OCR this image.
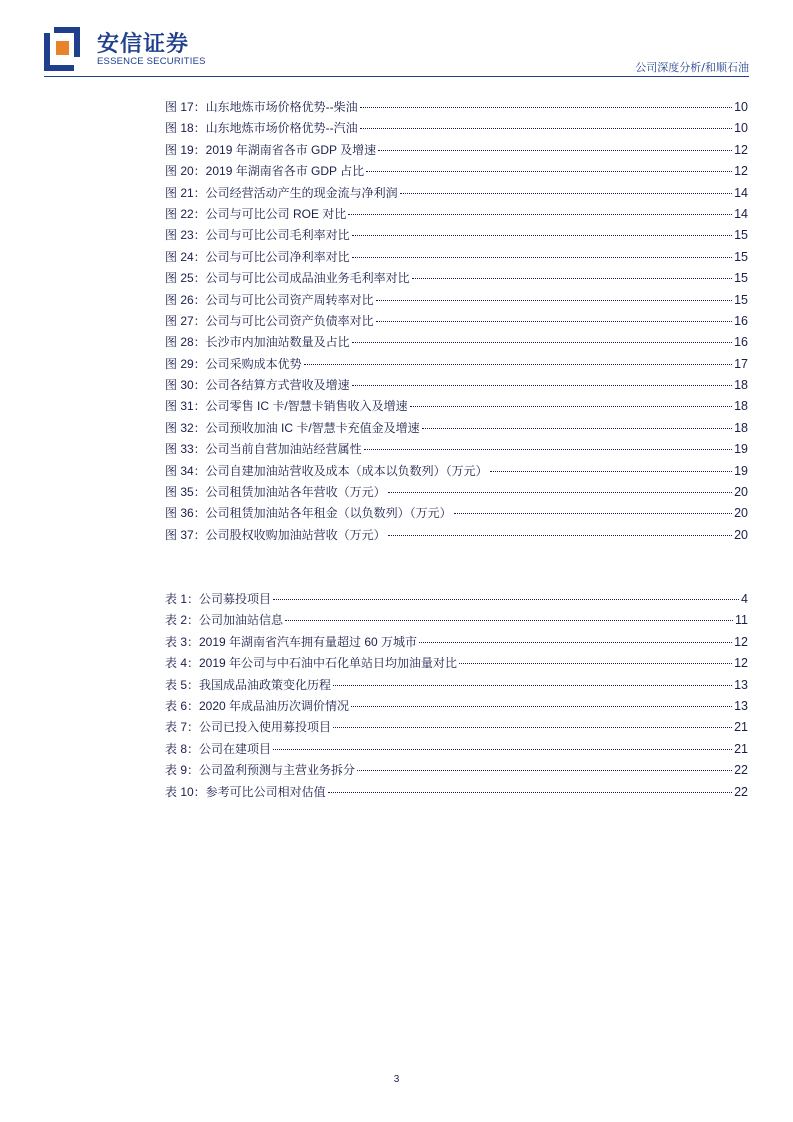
安信证券
ESSENCE SECURITIES	公司深度分析/和顺石油
图 17：山东地炼市场价格优势--柴油	10
图 18：山东地炼市场价格优势--汽油	10
图 19：2019 年湖南省各市 GDP 及增速	12
图 20：2019 年湖南省各市 GDP 占比	12
图 21：公司经营活动产生的现金流与净利润	14
图 22：公司与可比公司 ROE 对比	14
图 23：公司与可比公司毛利率对比	15
图 24：公司与可比公司净利率对比	15
图 25：公司与可比公司成品油业务毛利率对比	15
图 26：公司与可比公司资产周转率对比	15
图 27：公司与可比公司资产负债率对比	16
图 28：长沙市内加油站数量及占比	16
图 29：公司采购成本优势	17
图 30：公司各结算方式营收及增速	18
图 31：公司零售 IC 卡/智慧卡销售收入及增速	18
图 32：公司预收加油 IC 卡/智慧卡充值金及增速	18
图 33：公司当前自营加油站经营属性	19
图 34：公司自建加油站营收及成本（成本以负数列）（万元）	19
图 35：公司租赁加油站各年营收（万元）	20
图 36：公司租赁加油站各年租金（以负数列）（万元）	20
图 37：公司股权收购加油站营收（万元）	20
表 1：公司募投项目	4
表 2：公司加油站信息	11
表 3：2019 年湖南省汽车拥有量超过 60 万城市	12
表 4：2019 年公司与中石油中石化单站日均加油量对比	12
表 5：我国成品油政策变化历程	13
表 6：2020 年成品油历次调价情况	13
表 7：公司已投入使用募投项目	21
表 8：公司在建项目	21
表 9：公司盈利预测与主营业务拆分	22
表 10：参考可比公司相对估值	22
3
